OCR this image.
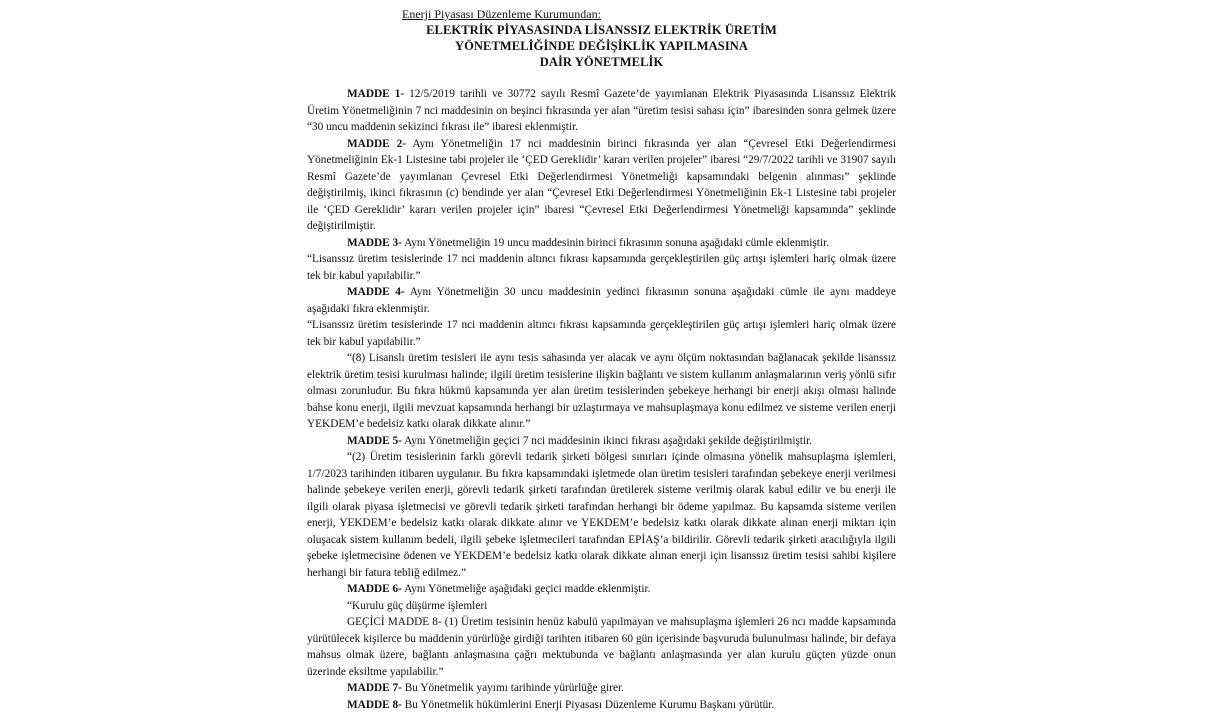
Enerji Piyasası Düzenleme Kurumundan:
ELEKTRİK PİYASASINDA LİSANSSIZ ELEKTRİK ÜRETİM
YÖNETMELİĞİNDE DEĞİŞİKLİK YAPILMASINA
DAİR YÖNETMELİK

MADDE 1- 12/5/2019 tarihli ve 30772 sayılı Resmî Gazete’de yayımlanan Elektrik Piyasasında Lisanssız Elektrik Üretim Yönetmeliğinin 7 nci maddesinin on beşinci fıkrasında yer alan “üretim tesisi sahası için” ibaresinden sonra gelmek üzere “30 uncu maddenin sekizinci fıkrası ile” ibaresi eklenmiştir.

MADDE 2- Aynı Yönetmeliğin 17 nci maddesinin birinci fıkrasında yer alan “Çevresel Etki Değerlendirmesi Yönetmeliğinin Ek-1 Listesine tabi projeler ile ‘ÇED Gereklidir’ kararı verilen projeler” ibaresi “29/7/2022 tarihli ve 31907 sayılı Resmî Gazete’de yayımlanan Çevresel Etki Değerlendirmesi Yönetmeliği kapsamındaki belgenin alınması” şeklinde değiştirilmiş, ikinci fıkrasının (c) bendinde yer alan “Çevresel Etki Değerlendirmesi Yönetmeliğinin Ek-1 Listesine tabi projeler ile ‘ÇED Gereklidir’ kararı verilen projeler için” ibaresi “Çevresel Etki Değerlendirmesi Yönetmeliği kapsamında” şeklinde değiştirilmiştir.

MADDE 3- Aynı Yönetmeliğin 19 uncu maddesinin birinci fıkrasının sonuna aşağıdaki cümle eklenmiştir.

“Lisanssız üretim tesislerinde 17 nci maddenin altıncı fıkrası kapsamında gerçekleştirilen güç artışı işlemleri hariç olmak üzere tek bir kabul yapılabilir.”

MADDE 4- Aynı Yönetmeliğin 30 uncu maddesinin yedinci fıkrasının sonuna aşağıdaki cümle ile aynı maddeye aşağıdaki fıkra eklenmiştir.

“Lisanssız üretim tesislerinde 17 nci maddenin altıncı fıkrası kapsamında gerçekleştirilen güç artışı işlemleri hariç olmak üzere tek bir kabul yapılabilir.”

“(8) Lisanslı üretim tesisleri ile aynı tesis sahasında yer alacak ve aynı ölçüm noktasından bağlanacak şekilde lisanssız elektrik üretim tesisi kurulması halinde; ilgili üretim tesislerine ilişkin bağlantı ve sistem kullanım anlaşmalarının veriş yönlü sıfır olması zorunludur. Bu fıkra hükmü kapsamında yer alan üretim tesislerinden şebekeye herhangi bir enerji akışı olması halinde bahse konu enerji, ilgili mevzuat kapsamında herhangi bir uzlaştırmaya ve mahsuplaşmaya konu edilmez ve sisteme verilen enerji YEKDEM’e bedelsiz katkı olarak dikkate alınır.”

MADDE 5- Aynı Yönetmeliğin geçici 7 nci maddesinin ikinci fıkrası aşağıdaki şekilde değiştirilmiştir.

“(2) Üretim tesislerinin farklı görevli tedarik şirketi bölgesi sınırları içinde olmasına yönelik mahsuplaşma işlemleri, 1/7/2023 tarihinden itibaren uygulanır. Bu fıkra kapsamındaki işletmede olan üretim tesisleri tarafından şebekeye enerji verilmesi halinde şebekeye verilen enerji, görevli tedarik şirketi tarafından üretilerek sisteme verilmiş olarak kabul edilir ve bu enerji ile ilgili olarak piyasa işletmecisi ve görevli tedarik şirketi tarafından herhangi bir ödeme yapılmaz. Bu kapsamda sisteme verilen enerji, YEKDEM’e bedelsiz katkı olarak dikkate alınır ve YEKDEM’e bedelsiz katkı olarak dikkate alınan enerji miktarı için oluşacak sistem kullanım bedeli, ilgili şebeke işletmecileri tarafından EPİAŞ’a bildirilir. Görevli tedarik şirketi aracılığıyla ilgili şebeke işletmecisine ödenen ve YEKDEM’e bedelsiz katkı olarak dikkate alınan enerji için lisanssız üretim tesisi sahibi kişilere herhangi bir fatura tebliğ edilmez.”

MADDE 6- Aynı Yönetmeliğe aşağıdaki geçici madde eklenmiştir.

“Kurulu güç düşürme işlemleri

GEÇİCİ MADDE 8- (1) Üretim tesisinin henüz kabulü yapılmayan ve mahsuplaşma işlemleri 26 ncı madde kapsamında yürütülecek kişilerce bu maddenin yürürlüğe girdiği tarihten itibaren 60 gün içerisinde başvuruda bulunulması halinde, bir defaya mahsus olmak üzere, bağlantı anlaşmasına çağrı mektubunda ve bağlantı anlaşmasında yer alan kurulu güçten yüzde onun üzerinde eksiltme yapılabilir.”

MADDE 7- Bu Yönetmelik yayımı tarihinde yürürlüğe girer.

MADDE 8- Bu Yönetmelik hükümlerini Enerji Piyasası Düzenleme Kurumu Başkanı yürütür.
